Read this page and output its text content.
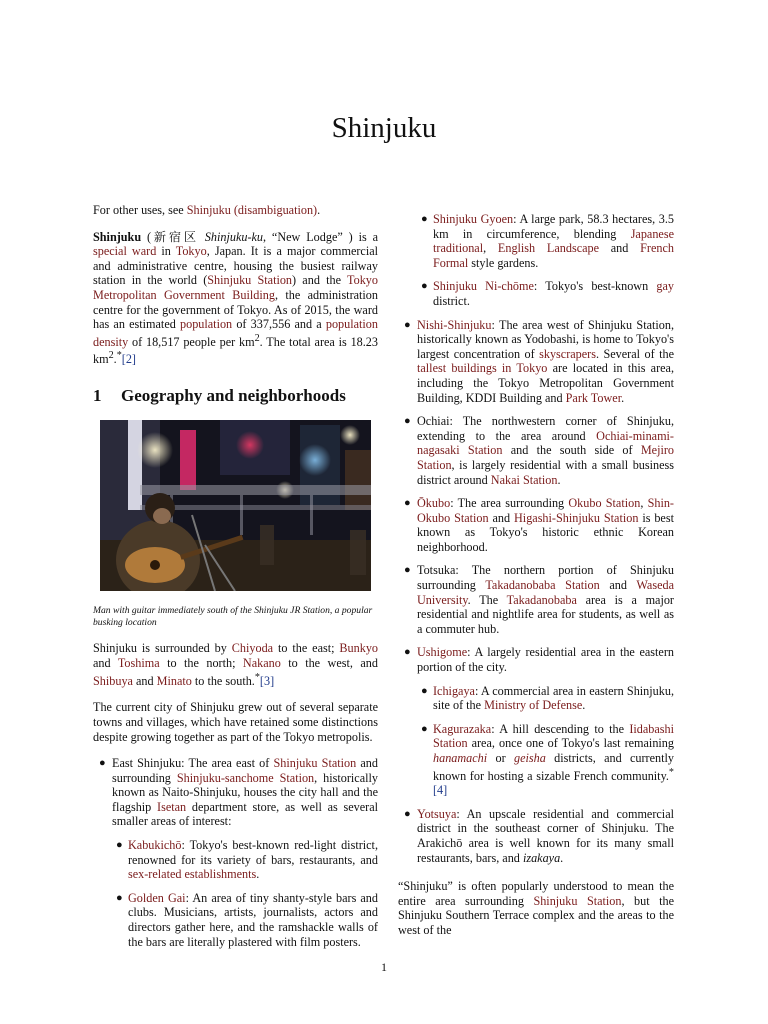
Shinjuku

For other uses, see Shinjuku (disambiguation).

Shinjuku (新宿区 Shinjuku-ku, “New Lodge” ) is a special ward in Tokyo, Japan. It is a major commercial and administrative centre, housing the busiest railway station in the world (Shinjuku Station) and the Tokyo Metropolitan Government Building, the administration centre for the government of Tokyo. As of 2015, the ward has an estimated population of 337,556 and a population density of 18,517 people per $km^2$. The total area is 18.23 $km^2.^*[2]$

1 Geography and neighborhoods

Man with guitar immediately south of the Shinjuku JR Station, a popular busking location

Shinjuku is surrounded by Chiyoda to the east; Bunkyo and Toshima to the north; Nakano to the west, and Shibuya and Minato to the south.*[3]

The current city of Shinjuku grew out of several separate towns and villages, which have retained some distinctions despite growing together as part of the Tokyo metropolis.

● East Shinjuku: The area east of Shinjuku Station and surrounding Shinjuku-sanchome Station, historically known as Naito-Shinjuku, houses the city hall and the flagship Isetan department store, as well as several smaller areas of interest:
● Kabukichō: Tokyo's best-known red-light district, renowned for its variety of bars, restaurants, and sex-related establishments.
● Golden Gai: An area of tiny shanty-style bars and clubs. Musicians, artists, journalists, actors and directors gather here, and the ramshackle walls of the bars are literally plastered with film posters.
● Shinjuku Gyoen: A large park, 58.3 hectares, 3.5 km in circumference, blending Japanese traditional, English Landscape and French Formal style gardens.
● Shinjuku Ni-chōme: Tokyo's best-known gay district.
● Nishi-Shinjuku: The area west of Shinjuku Station, historically known as Yodobashi, is home to Tokyo's largest concentration of skyscrapers. Several of the tallest buildings in Tokyo are located in this area, including the Tokyo Metropolitan Government Building, KDDI Building and Park Tower.
● Ochiai: The northwestern corner of Shinjuku, extending to the area around Ochiai-minami-nagasaki Station and the south side of Mejiro Station, is largely residential with a small business district around Nakai Station.
● Ōkubo: The area surrounding Okubo Station, Shin-Okubo Station and Higashi-Shinjuku Station is best known as Tokyo's historic ethnic Korean neighborhood.
● Totsuka: The northern portion of Shinjuku surrounding Takadanobaba Station and Waseda University. The Takadanobaba area is a major residential and nightlife area for students, as well as a commuter hub.
● Ushigome: A largely residential area in the eastern portion of the city.
● Ichigaya: A commercial area in eastern Shinjuku, site of the Ministry of Defense.
● Kagurazaka: A hill descending to the Iidabashi Station area, once one of Tokyo's last remaining hanamachi or geisha districts, and currently known for hosting a sizable French community.*[4]
● Yotsuya: An upscale residential and commercial district in the southeast corner of Shinjuku. The Arakichō area is well known for its many small restaurants, bars, and izakaya.

“Shinjuku” is often popularly understood to mean the entire area surrounding Shinjuku Station, but the Shinjuku Southern Terrace complex and the areas to the west of the

1
